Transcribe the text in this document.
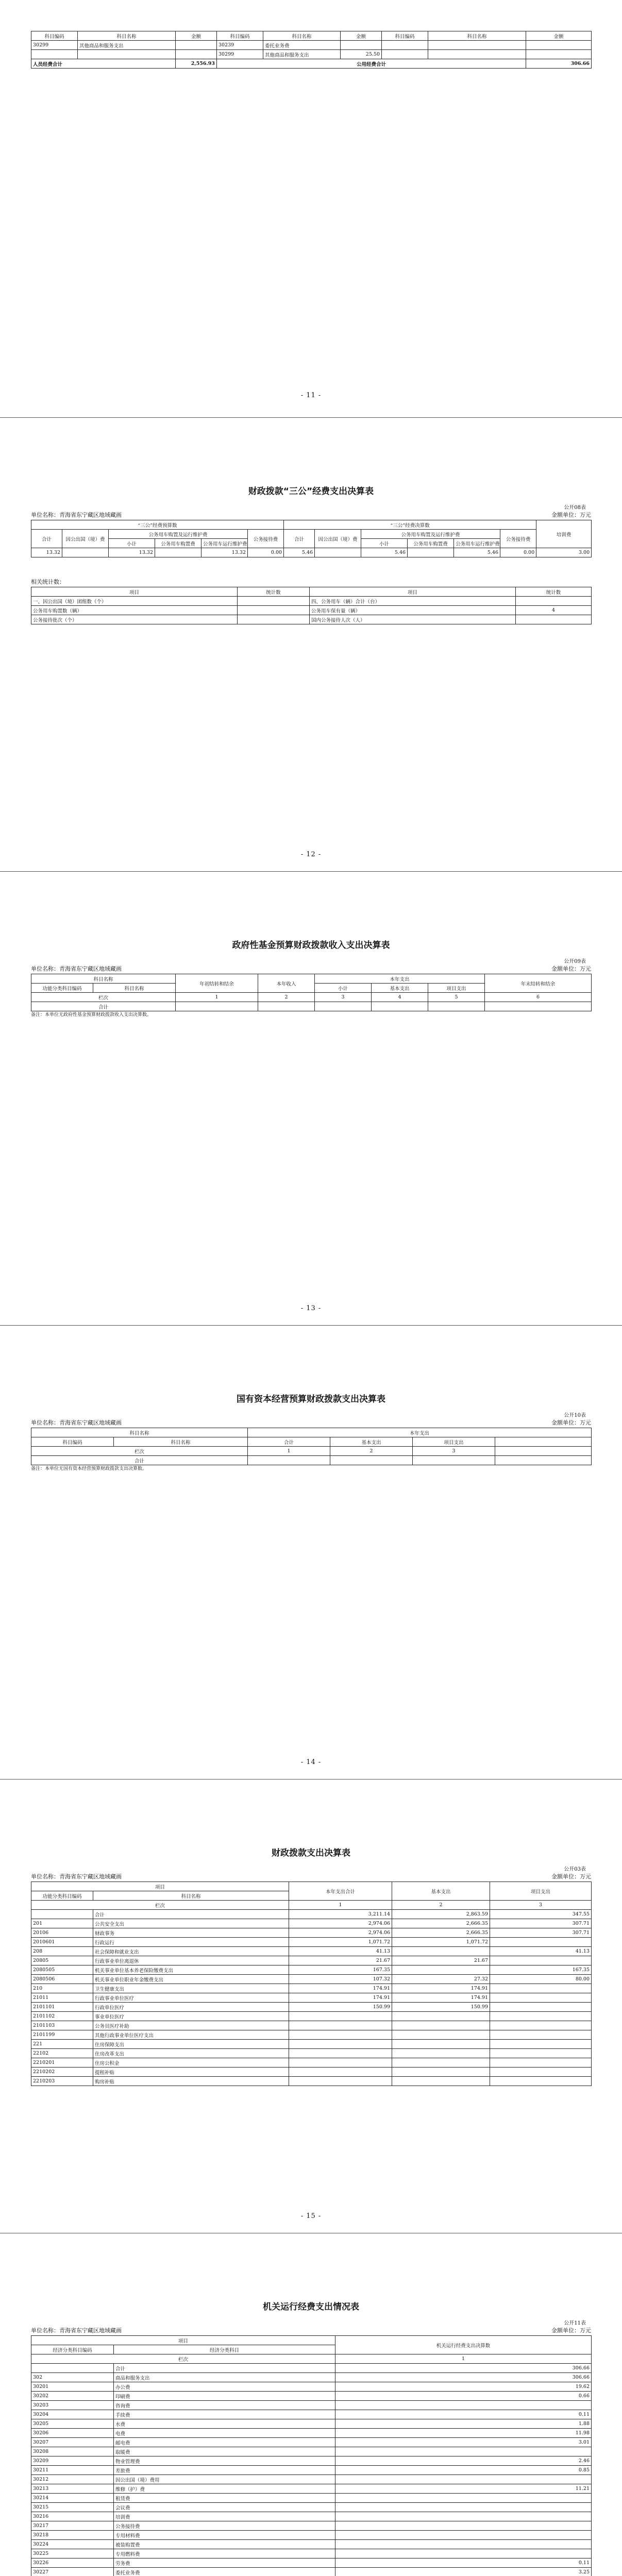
科目编码	科目名称	金额	科目编码	科目名称	金额	科目编码	科目名称	金额
30299	其他商品和服务支出		30239	委托业务费				
			30299	其他商品和服务支出	25.50			
人员经费合计		2,556.93	公用经费合计					306.66
- 11 -
财政拨款“三公”经费支出决算表
公开08表
单位名称：青海省东宁藏区地域藏画	金额单位：万元
“三公”经费预算数						“三公”经费决算数						培训费
合计	因公出国（境）费	公务用车购置及运行维护费			公务接待费	合计	因公出国（境）费	公务用车购置及运行维护费			公务接待费	
		小计	公务用车购置费	公务用车运行维护费				小计	公务用车购置费	公务用车运行维护费		
13.32		13.32		13.32	0.00	5.46		5.46		5.46	0.00	3.00
相关统计数：
项目	统计数	项目	统计数
一、因公出国（境）团组数（个）		四、公务用车（辆）合计（台）	
公务用车购置数（辆）		公务用车保有量（辆）	4
公务接待批次（个）		国内公务接待人次（人）	
- 12 -
政府性基金预算财政拨款收入支出决算表
公开09表
单位名称：青海省东宁藏区地域藏画	金额单位：万元
科目名称		年初结转和结余	本年收入	本年支出			年末结转和结余
功能分类科目编码	科目名称			小计	基本支出	项目支出	
栏次		1	2	3	4	5	6
合计							
备注：本单位无政府性基金预算财政拨款收入支出决算数。
- 13 -
国有资本经营预算财政拨款支出决算表
公开10表
单位名称：青海省东宁藏区地域藏画	金额单位：万元
科目名称		本年支出			
科目编码	科目名称	合计	基本支出	项目支出	
栏次		1	2	3	
合计					
备注：本单位无国有资本经营预算财政拨款支出决算数。
- 14 -
财政拨款支出决算表
公开03表
单位名称：青海省东宁藏区地域藏画	金额单位：万元
项目		本年支出合计	基本支出	项目支出
功能分类科目编码	科目名称			
栏次		1	2	3
	合计	3,211.14	2,863.59	347.55
201	公共安全支出	2,974.06	2,666.35	307.71
20106	财政事务	2,974.06	2,666.35	307.71
2010601	行政运行	1,071.72	1,071.72	
208	社会保障和就业支出	41.13		41.13
20805	行政事业单位离退休	21.67	21.67	
2080505	机关事业单位基本养老保险缴费支出	167.35		167.35
2080506	机关事业单位职业年金缴费支出	107.32	27.32	80.00
210	卫生健康支出	174.91	174.91	
21011	行政事业单位医疗	174.91	174.91	
2101101	行政单位医疗	150.99	150.99	
2101102	事业单位医疗			
2101103	公务员医疗补助			
2101199	其他行政事业单位医疗支出			
221	住房保障支出			
22102	住房改革支出			
2210201	住房公积金			
2210202	提租补贴			
2210203	购房补贴			
- 15 -
机关运行经费支出情况表
公开11表
单位名称：青海省东宁藏区地域藏画	金额单位：万元
项目		机关运行经费支出决算数
经济分类科目编码	经济分类科目	
栏次		1
	合计	306.66
302	商品和服务支出	306.66
30201	办公费	19.62
30202	印刷费	0.66
30203	咨询费	
30204	手续费	0.11
30205	水费	1.88
30206	电费	11.98
30207	邮电费	3.01
30208	取暖费	
30209	物业管理费	2.46
30211	差旅费	0.85
30212	因公出国（境）费用	
30213	维修（护）费	11.21
30214	租赁费	
30215	会议费	
30216	培训费	
30217	公务接待费	
30218	专用材料费	
30224	被装购置费	
30225	专用燃料费	
30226	劳务费	0.11
30227	委托业务费	3.25
